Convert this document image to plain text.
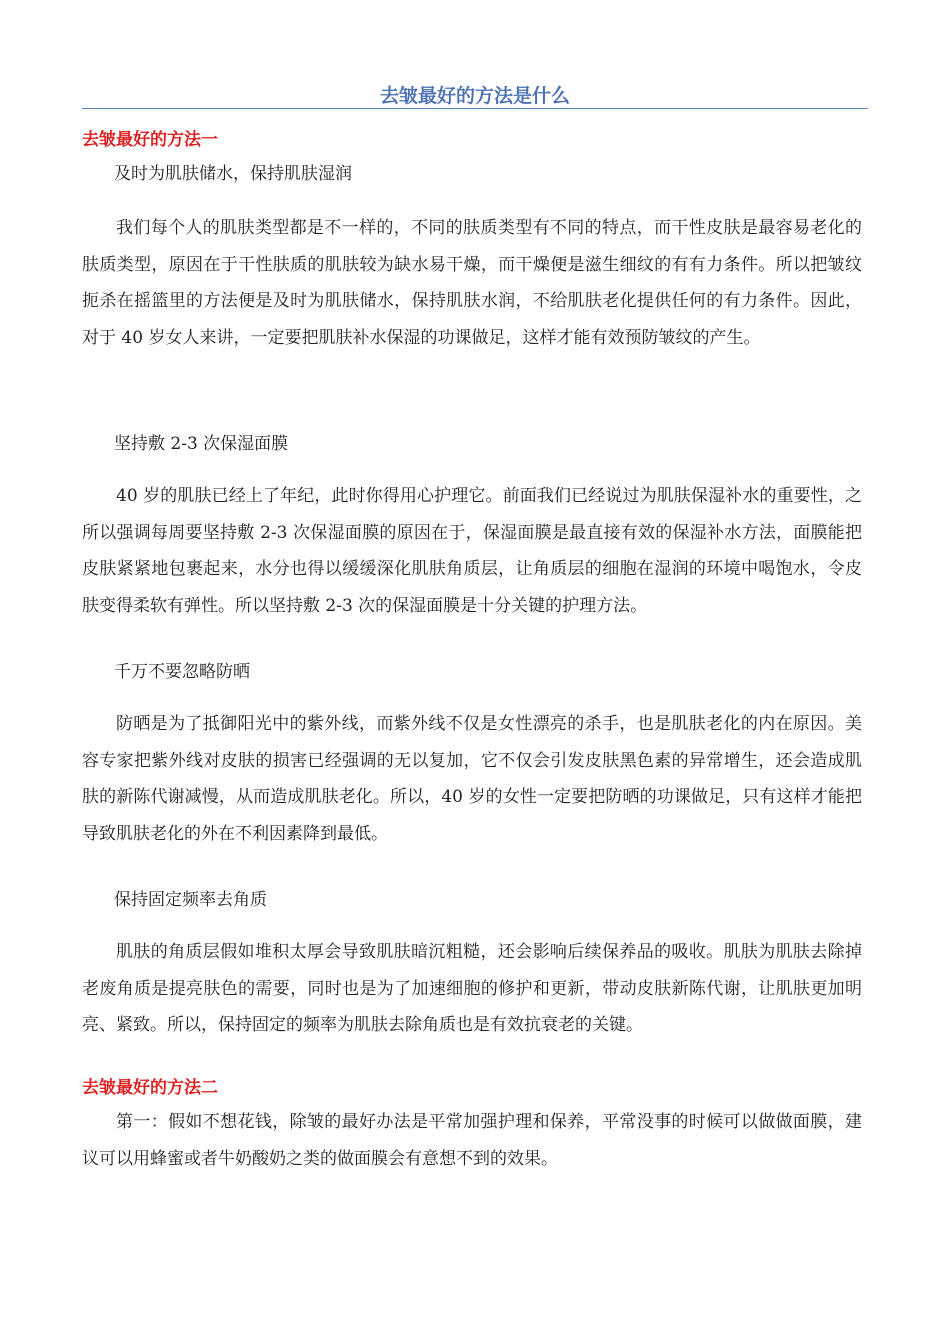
去皱最好的方法是什么
去皱最好的方法一

及时为肌肤储水，保持肌肤湿润

我们每个人的肌肤类型都是不一样的，不同的肤质类型有不同的特点，而干性皮肤是最容易老化的肤质类型，原因在于干性肤质的肌肤较为缺水易干燥，而干燥便是滋生细纹的有有力条件。所以把皱纹扼杀在摇篮里的方法便是及时为肌肤储水，保持肌肤水润，不给肌肤老化提供任何的有力条件。因此，对于 40 岁女人来讲，一定要把肌肤补水保湿的功课做足，这样才能有效预防皱纹的产生。

坚持敷 2-3 次保湿面膜

40 岁的肌肤已经上了年纪，此时你得用心护理它。前面我们已经说过为肌肤保湿补水的重要性，之所以强调每周要坚持敷 2-3 次保湿面膜的原因在于，保湿面膜是最直接有效的保湿补水方法，面膜能把皮肤紧紧地包裹起来，水分也得以缓缓深化肌肤角质层，让角质层的细胞在湿润的环境中喝饱水，令皮肤变得柔软有弹性。所以坚持敷 2-3 次的保湿面膜是十分关键的护理方法。

千万不要忽略防晒

防晒是为了抵御阳光中的紫外线，而紫外线不仅是女性漂亮的杀手，也是肌肤老化的内在原因。美容专家把紫外线对皮肤的损害已经强调的无以复加，它不仅会引发皮肤黑色素的异常增生，还会造成肌肤的新陈代谢减慢，从而造成肌肤老化。所以，40 岁的女性一定要把防晒的功课做足，只有这样才能把导致肌肤老化的外在不利因素降到最低。

保持固定频率去角质

肌肤的角质层假如堆积太厚会导致肌肤暗沉粗糙，还会影响后续保养品的吸收。肌肤为肌肤去除掉老废角质是提亮肤色的需要，同时也是为了加速细胞的修护和更新，带动皮肤新陈代谢，让肌肤更加明亮、紧致。所以，保持固定的频率为肌肤去除角质也是有效抗衰老的关键。

去皱最好的方法二

第一：假如不想花钱，除皱的最好办法是平常加强护理和保养，平常没事的时候可以做做面膜，建议可以用蜂蜜或者牛奶酸奶之类的做面膜会有意想不到的效果。
